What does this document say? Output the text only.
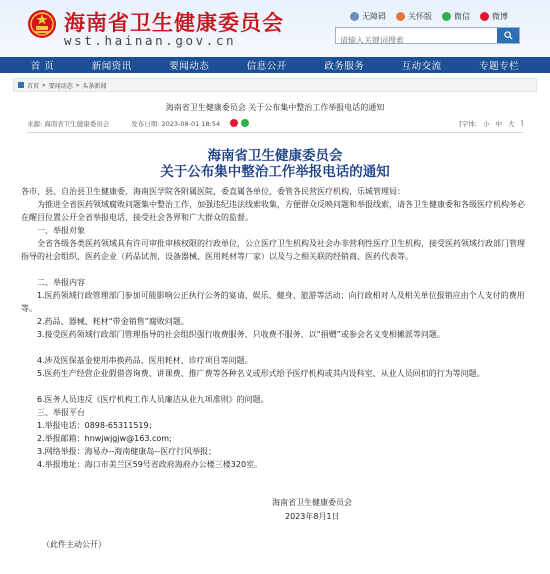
海南省卫生健康委员会
wst.hainan.gov.cn
无障碍	关怀版	微信	微博
请输入关键词搜索
首 页	新闻资讯	要闻动态	信息公开	政务服务	互动交流	专题专栏
首页 » 要闻动态 » 头条新闻
海南省卫生健康委员会 关于公布集中整治工作举报电话的通知
来源: 海南省卫生健康委员会	发布日期: 2023-08-01 18:54	[字体: 小 中 大 ]
海南省卫生健康委员会
关于公布集中整治工作举报电话的通知
各市、县、自治县卫生健康委，海南医学院各附属医院，委直属各单位，委管各民营医疗机构，乐城管理局：
为推进全省医药领域腐败问题集中整治工作，加强违纪违法线索收集，方便群众反映问题和举报线索，请各卫生健康委和各级医疗机构务必在醒目位置公开全省举报电话，接受社会各界和广大群众的监督。
一、举报对象
全省各级各类医药领域具有许可审批审核权限的行政单位，公立医疗卫生机构及社会办非营利性医疗卫生机构，接受医药领域行政部门管理指导的社会组织，医药企业（药品试剂、设备器械、医用耗材等厂家）以及与之相关联的经销商、医药代表等。
二、举报内容
1.医药领域行政管理部门参加可能影响公正执行公务的宴请、娱乐、健身、旅游等活动；向行政相对人及相关单位报销应由个人支付的费用等。
2.药品、器械、耗材“带金销售”腐败问题。
3.接受医药领域行政部门管理指导的社会组织强行收费服务、只收费不服务、以“捐赠”或参会名义变相摊派等问题。
4.涉及医保基金使用串换药品、医用耗材、诊疗项目等问题。
5.医药生产经营企业假借咨询费、讲课费、推广费等各种名义或形式给予医疗机构或其内设科室、从业人员回扣的行为等问题。
6.医务人员违反《医疗机构工作人员廉洁从业九项准则》的问题。
三、举报平台
1.举报电话：0898-65311519；
2.举报邮箱：hnwjwjgjw@163.com;
3.网络举报：海易办--海南健康岛--医疗行风举报；
4.举报地址：海口市美兰区59号省政府海府办公楼三楼320室。
海南省卫生健康委员会
2023年8月1日
（此件主动公开）
